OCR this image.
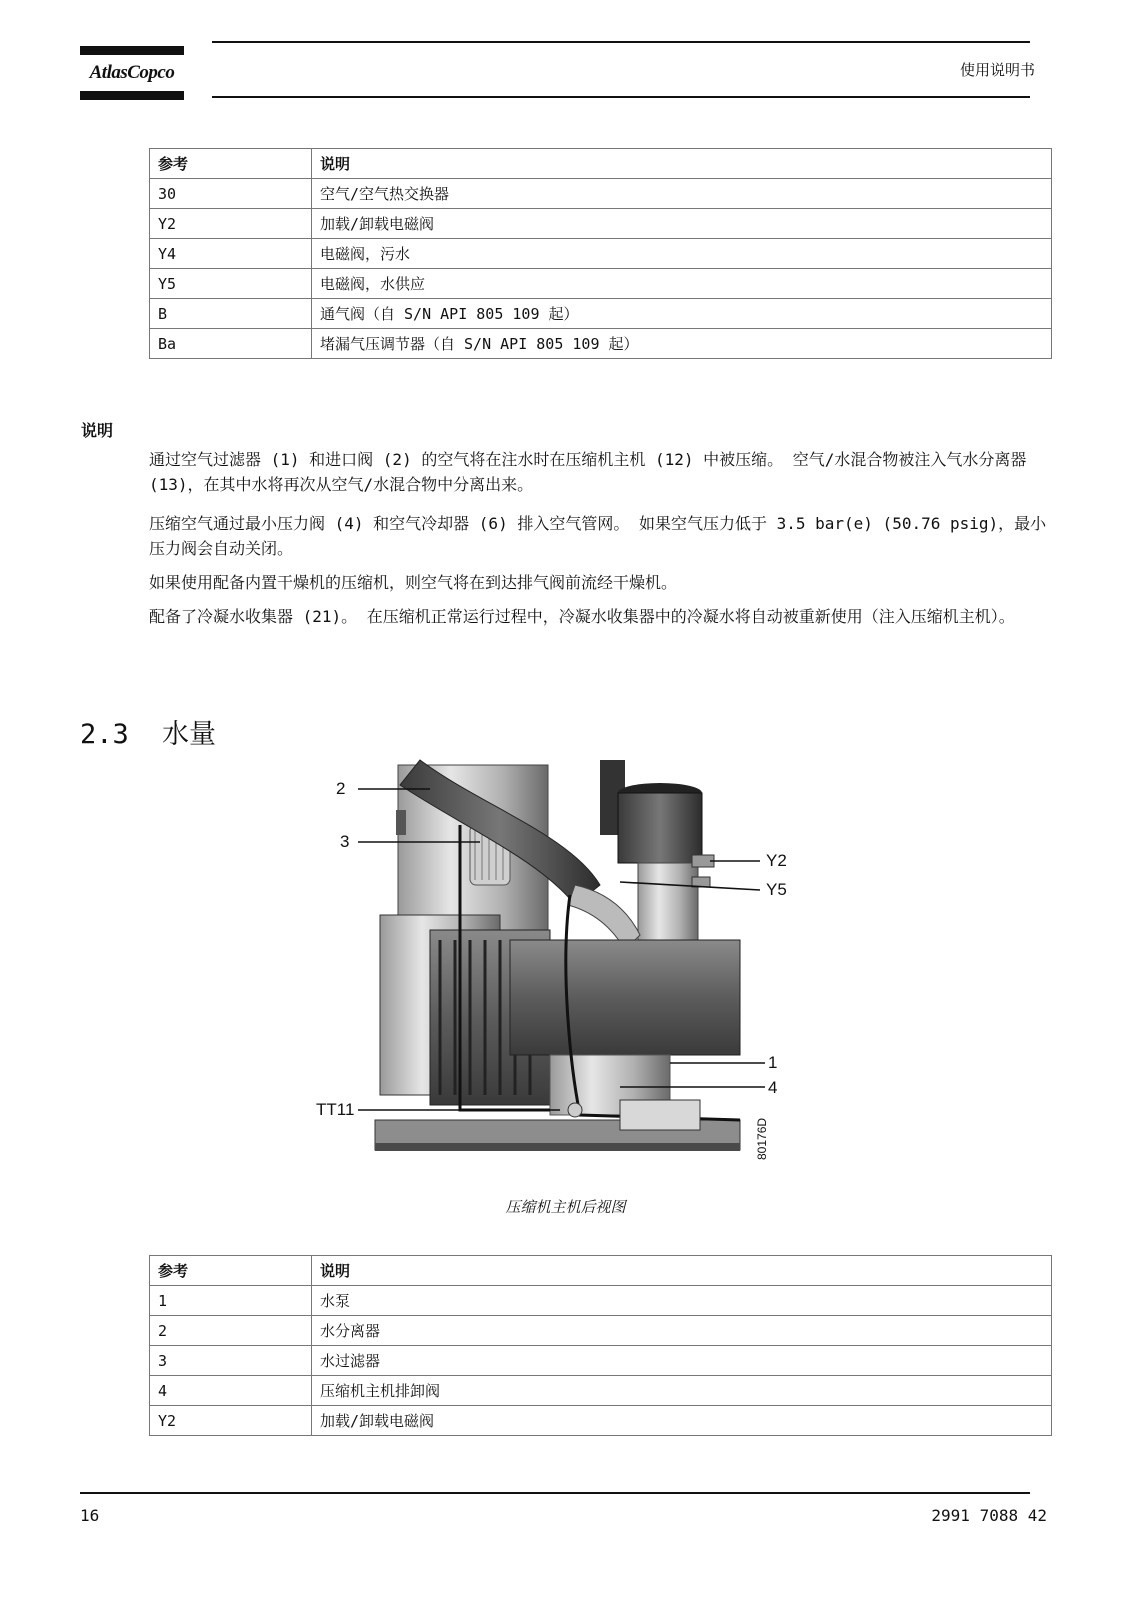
AtlasCopco	使用说明书
参考	说明
30	空气/空气热交换器
Y2	加载/卸载电磁阀
Y4	电磁阀，污水
Y5	电磁阀，水供应
B	通气阀（自 S/N API 805 109 起）
Ba	堵漏气压调节器（自 S/N API 805 109 起）
说明

通过空气过滤器 (1) 和进口阀 (2) 的空气将在注水时在压缩机主机 (12) 中被压缩。 空气/水混合物被注入气水分离器 (13)，在其中水将再次从空气/水混合物中分离出来。

压缩空气通过最小压力阀 (4) 和空气冷却器 (6) 排入空气管网。 如果空气压力低于 3.5 bar(e) (50.76 psig)，最小压力阀会自动关闭。

如果使用配备内置干燥机的压缩机，则空气将在到达排气阀前流经干燥机。

配备了冷凝水收集器 (21)。 在压缩机正常运行过程中，冷凝水收集器中的冷凝水将自动被重新使用（注入压缩机主机）。

2.3 水量
2
3
Y2
Y5
1
4
TT11
80176D
压缩机主机后视图
参考	说明
1	水泵
2	水分离器
3	水过滤器
4	压缩机主机排卸阀
Y2	加载/卸载电磁阀
16	2991 7088 42
